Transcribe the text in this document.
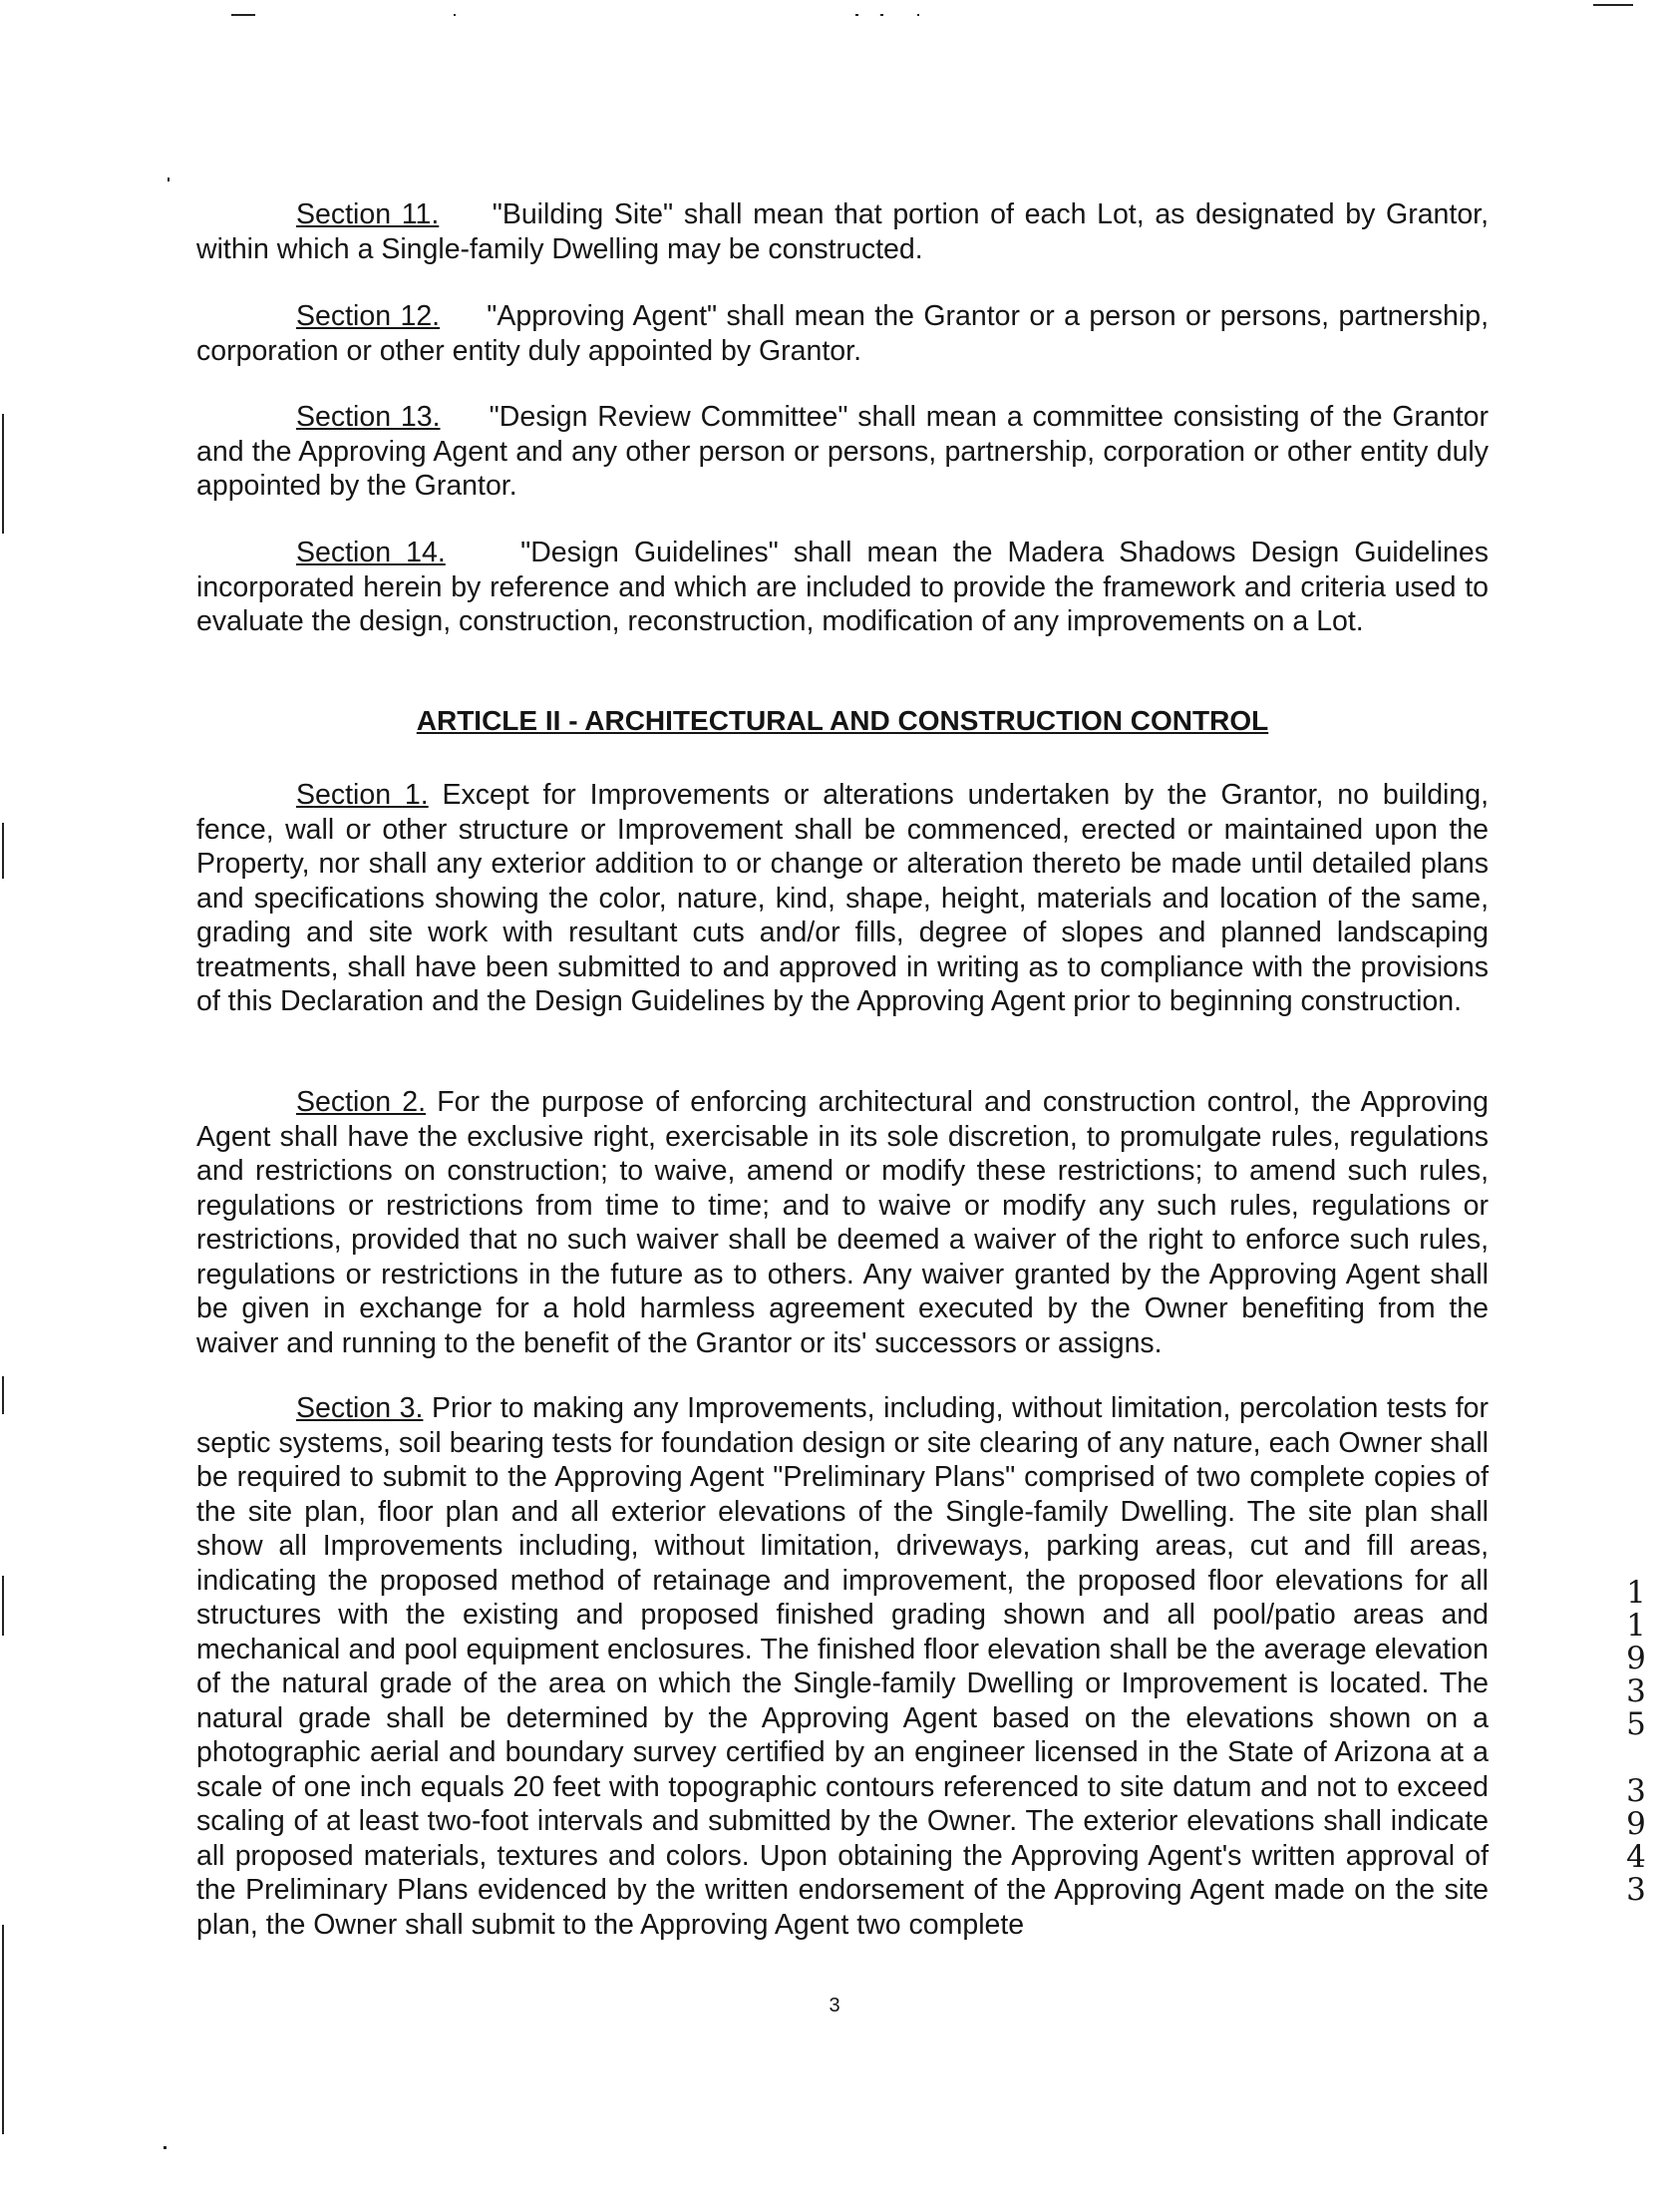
Section 11. "Building Site" shall mean that portion of each Lot, as designated by Grantor, within which a Single-family Dwelling may be constructed.

Section 12. "Approving Agent" shall mean the Grantor or a person or persons, partnership, corporation or other entity duly appointed by Grantor.

Section 13. "Design Review Committee" shall mean a committee consisting of the Grantor and the Approving Agent and any other person or persons, partnership, corporation or other entity duly appointed by the Grantor.

Section 14.	"Design Guidelines" shall mean the Madera Shadows Design Guidelines incorporated herein by reference and which are included to provide the framework and criteria used to evaluate the design, construction, reconstruction, modification of any improvements on a Lot.

ARTICLE II - ARCHITECTURAL AND CONSTRUCTION CONTROL

Section 1. Except for Improvements or alterations undertaken by the Grantor, no building, fence, wall or other structure or Improvement shall be commenced, erected or maintained upon the Property, nor shall any exterior addition to or change or alteration thereto be made until detailed plans and specifications showing the color, nature, kind, shape, height, materials and location of the same, grading and site work with resultant cuts and/or fills, degree of slopes and planned landscaping treatments, shall have been submitted to and approved in writing as to compliance with the provisions of this Declaration and the Design Guidelines by the Approving Agent prior to beginning construction.

Section 2. For the purpose of enforcing architectural and construction control, the Approving Agent shall have the exclusive right, exercisable in its sole discretion, to promulgate rules, regulations and restrictions on construction; to waive, amend or modify these restrictions; to amend such rules, regulations or restrictions from time to time; and to waive or modify any such rules, regulations or restrictions, provided that no such waiver shall be deemed a waiver of the right to enforce such rules, regulations or restrictions in the future as to others. Any waiver granted by the Approving Agent shall be given in exchange for a hold harmless agreement executed by the Owner benefiting from the waiver and running to the benefit of the Grantor or its' successors or assigns.

Section 3. Prior to making any Improvements, including, without limitation, percolation tests for septic systems, soil bearing tests for foundation design or site clearing of any nature, each Owner shall be required to submit to the Approving Agent "Preliminary Plans" comprised of two complete copies of the site plan, floor plan and all exterior elevations of the Single-family Dwelling. The site plan shall show all Improvements including, without limitation, driveways, parking areas, cut and fill areas, indicating the proposed method of retainage and improvement, the proposed floor elevations for all structures with the existing and proposed finished grading shown and all pool/patio areas and mechanical and pool equipment enclosures. The finished floor elevation shall be the average elevation of the natural grade of the area on which the Single-family Dwelling or Improvement is located. The natural grade shall be determined by the Approving Agent based on the elevations shown on a photographic aerial and boundary survey certified by an engineer licensed in the State of Arizona at a scale of one inch equals 20 feet with topographic contours referenced to site datum and not to exceed scaling of at least two-foot intervals and submitted by the Owner. The exterior elevations shall indicate all proposed materials, textures and colors. Upon obtaining the Approving Agent's written approval of the Preliminary Plans evidenced by the written endorsement of the Approving Agent made on the site plan, the Owner shall submit to the Approving Agent two complete

3
1
1
9
3
5
3
9
4
3
